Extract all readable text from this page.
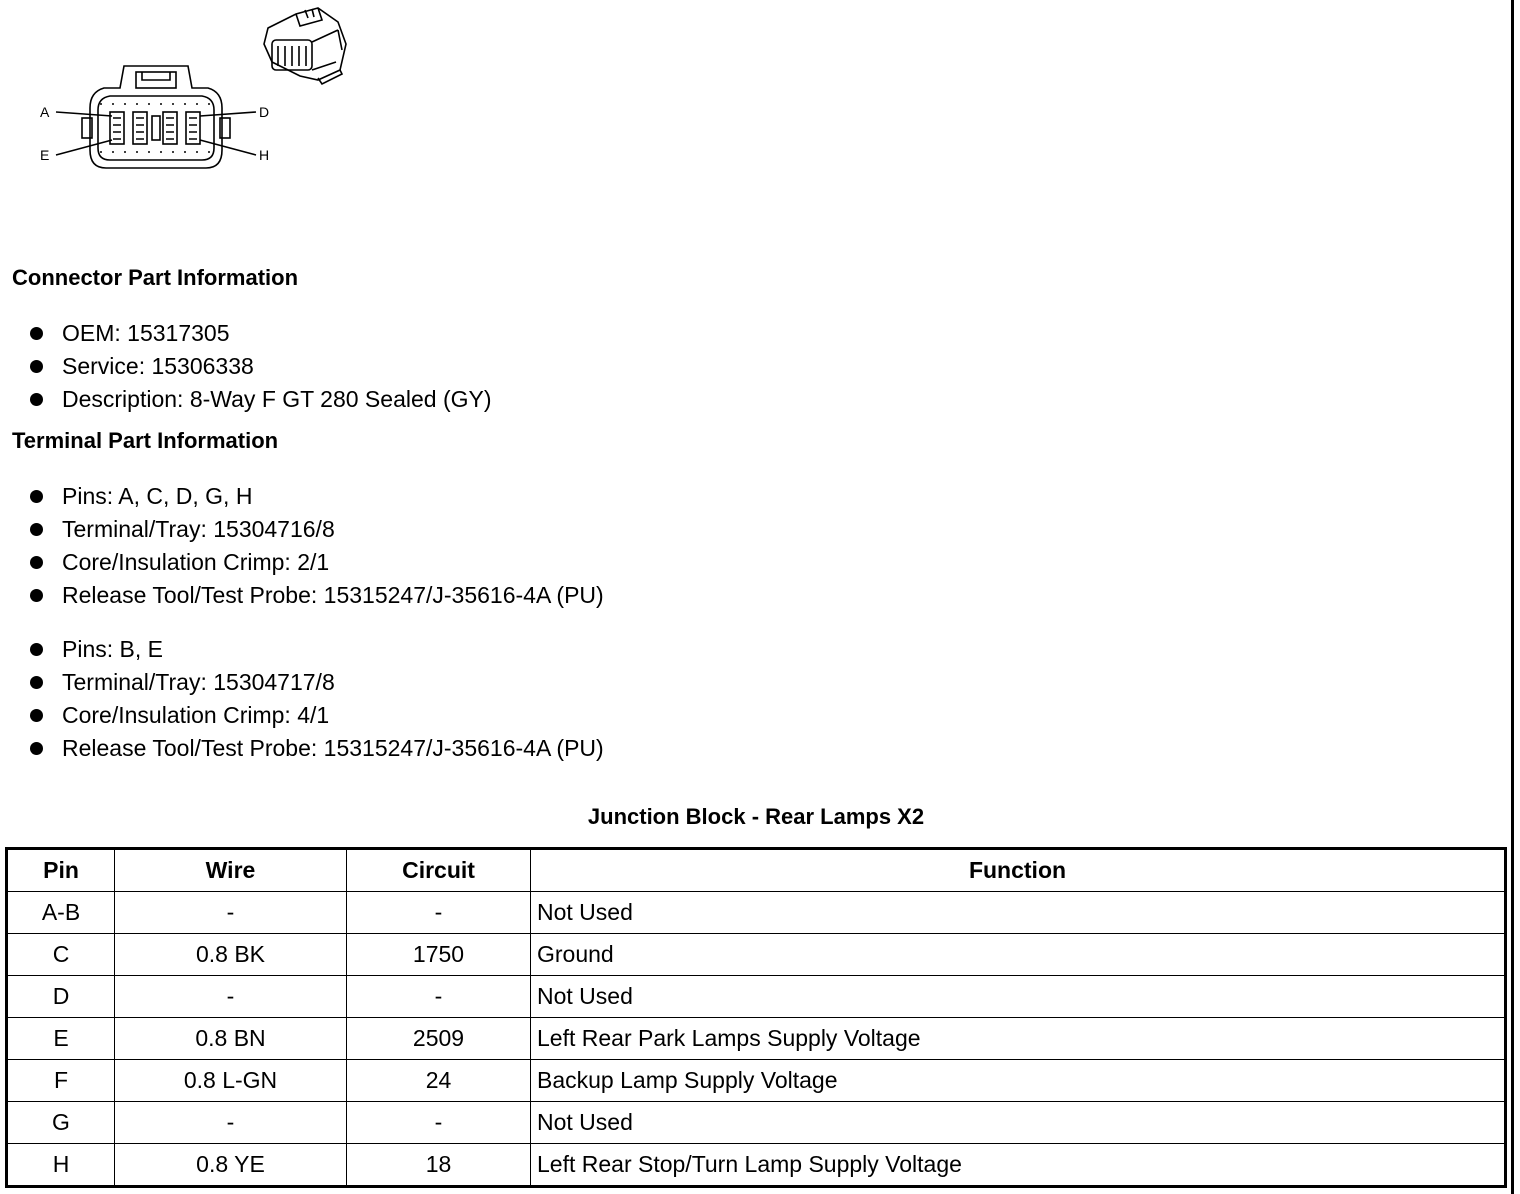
A	D
E	H
Connector Part Information
OEM: 15317305
Service: 15306338
Description: 8-Way F GT 280 Sealed (GY)
Terminal Part Information
Pins: A, C, D, G, H
Terminal/Tray: 15304716/8
Core/Insulation Crimp: 2/1
Release Tool/Test Probe: 15315247/J-35616-4A (PU)
Pins: B, E
Terminal/Tray: 15304717/8
Core/Insulation Crimp: 4/1
Release Tool/Test Probe: 15315247/J-35616-4A (PU)
Junction Block - Rear Lamps X2
Pin	Wire	Circuit	Function
A-B	-	-	Not Used
C	0.8 BK	1750	Ground
D	-	-	Not Used
E	0.8 BN	2509	Left Rear Park Lamps Supply Voltage
F	0.8 L-GN	24	Backup Lamp Supply Voltage
G	-	-	Not Used
H	0.8 YE	18	Left Rear Stop/Turn Lamp Supply Voltage
